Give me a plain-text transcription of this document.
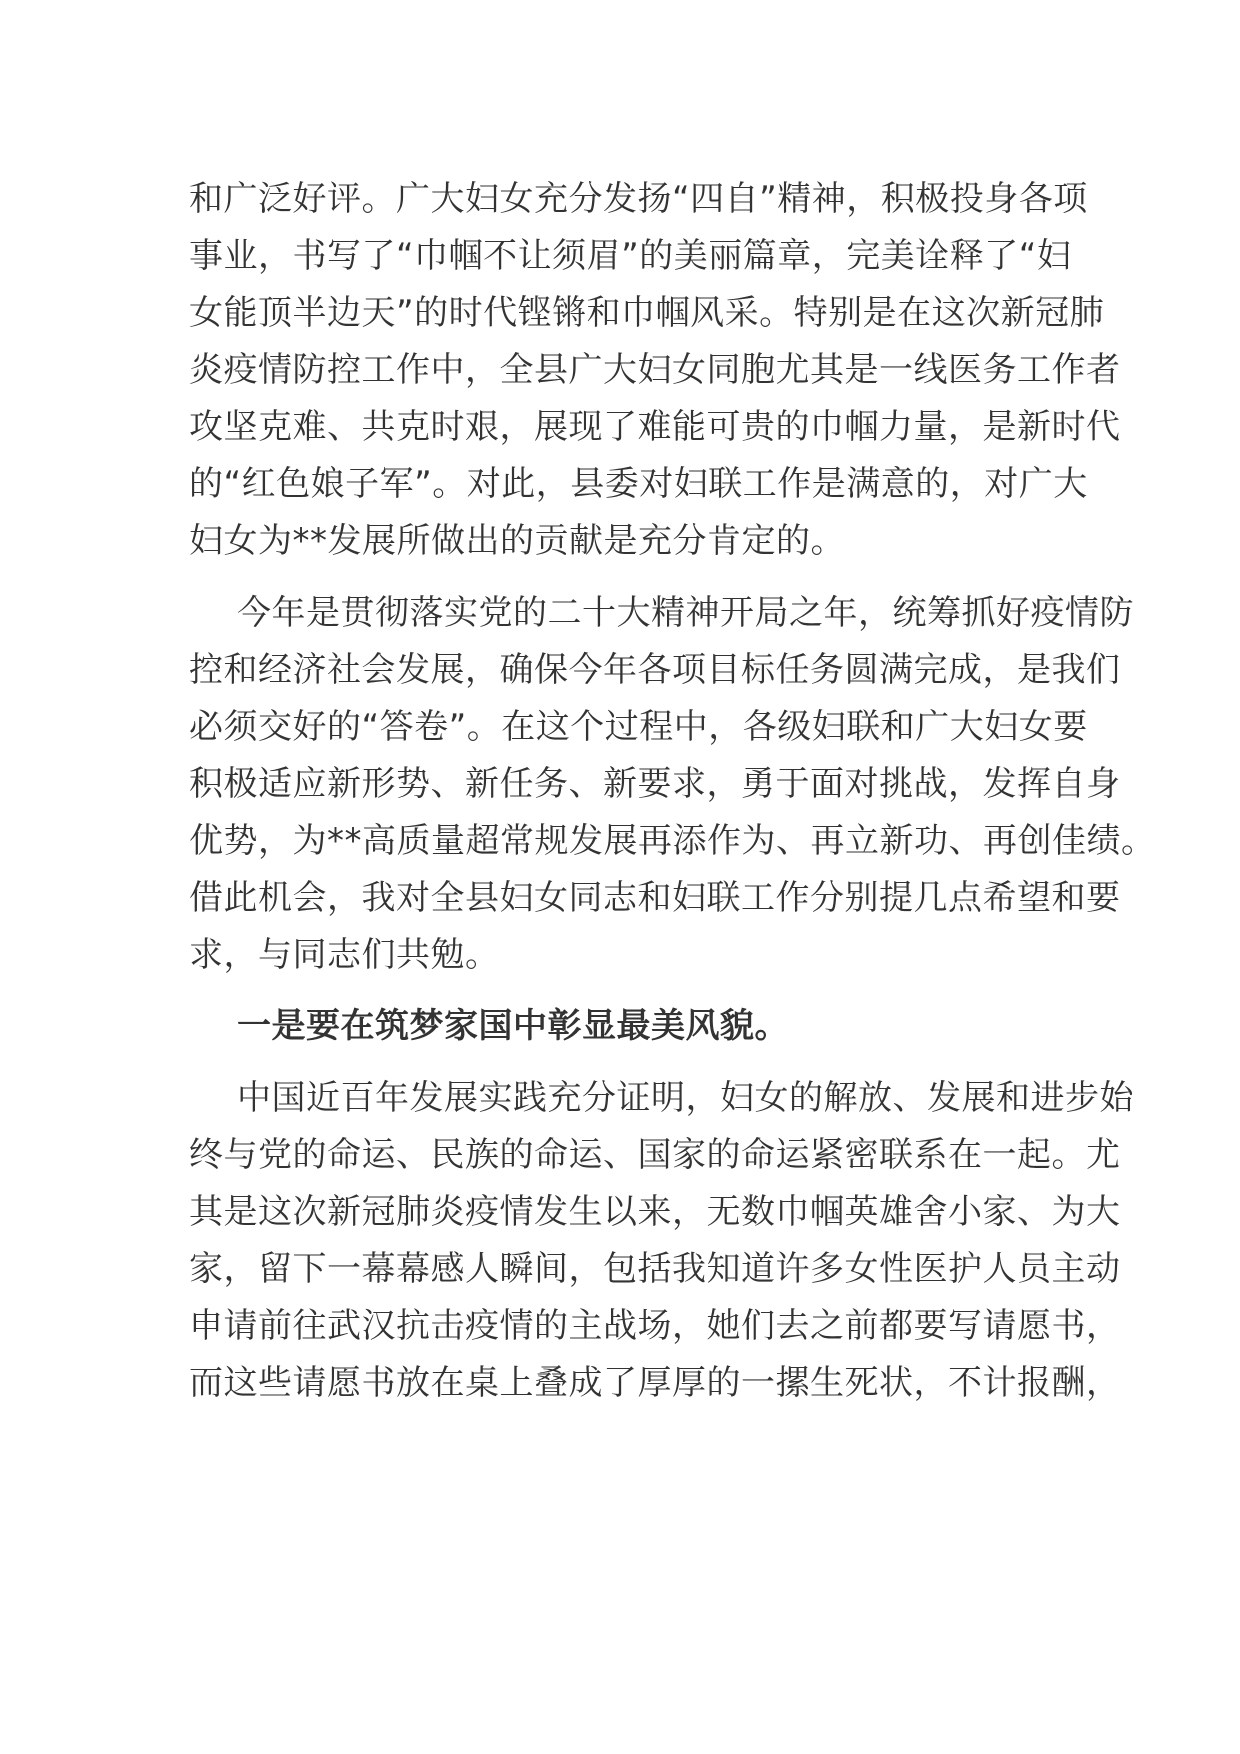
和广泛好评。广大妇女充分发扬“四自”精神，积极投身各项
事业，书写了“巾帼不让须眉”的美丽篇章，完美诠释了“妇
女能顶半边天”的时代铿锵和巾帼风采。特别是在这次新冠肺
炎疫情防控工作中，全县广大妇女同胞尤其是一线医务工作者
攻坚克难、共克时艰，展现了难能可贵的巾帼力量，是新时代
的“红色娘子军”。对此，县委对妇联工作是满意的，对广大
妇女为**发展所做出的贡献是充分肯定的。
今年是贯彻落实党的二十大精神开局之年，统筹抓好疫情防
控和经济社会发展，确保今年各项目标任务圆满完成，是我们
必须交好的“答卷”。在这个过程中，各级妇联和广大妇女要
积极适应新形势、新任务、新要求，勇于面对挑战，发挥自身
优势，为**高质量超常规发展再添作为、再立新功、再创佳绩。
借此机会，我对全县妇女同志和妇联工作分别提几点希望和要
求，与同志们共勉。
一是要在筑梦家国中彰显最美风貌。
中国近百年发展实践充分证明，妇女的解放、发展和进步始
终与党的命运、民族的命运、国家的命运紧密联系在一起。尤
其是这次新冠肺炎疫情发生以来，无数巾帼英雄舍小家、为大
家，留下一幕幕感人瞬间，包括我知道许多女性医护人员主动
申请前往武汉抗击疫情的主战场，她们去之前都要写请愿书，
而这些请愿书放在桌上叠成了厚厚的一摞生死状，不计报酬，
